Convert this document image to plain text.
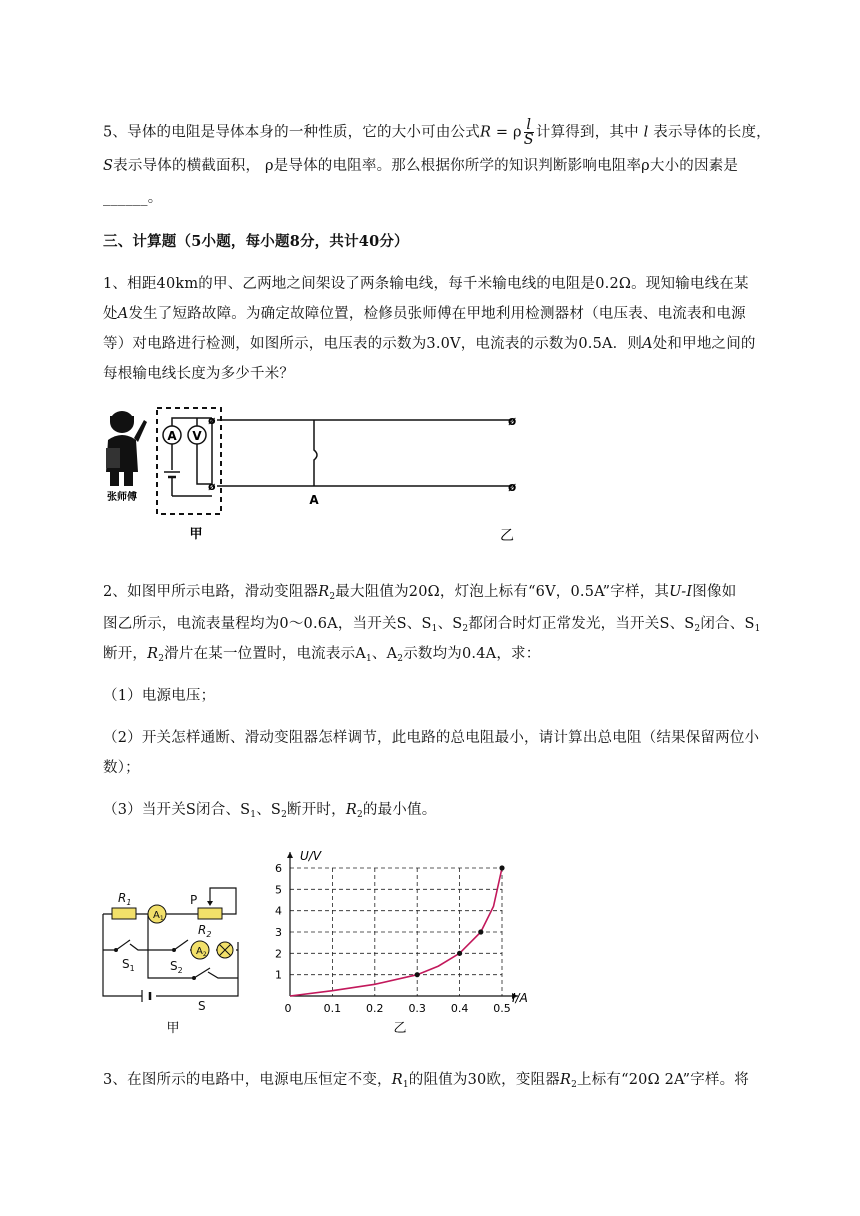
5、导体的电阻是导体本身的一种性质，它的大小可由公式R = ρ $\frac{l}{S}$ 计算得到，其中 l 表示导体的长度，
S表示导体的横截面积， ρ是导体的电阻率。那么根据你所学的知识判断影响电阻率ρ大小的因素是
______。
三、计算题（5小题，每小题8分，共计40分）
1、相距40km的甲、乙两地之间架设了两条输电线，每千米输电线的电阻是0.2Ω。现知输电线在某
处A发生了短路故障。为确定故障位置，检修员张师傅在甲地利用检测器材（电压表、电流表和电源
等）对电路进行检测，如图所示，电压表的示数为3.0V，电流表的示数为0.5A．则A处和甲地之间的
每根输电线长度为多少千米？
张师傅
A V
ø
ø
ø
ø
A
甲	乙
2、如图甲所示电路，滑动变阻器$R_2$最大阻值为20Ω，灯泡上标有“6V，0.5A”字样，其U-I图像如
图乙所示，电流表量程均为0～0.6A，当开关S、$S_1$、$S_2$都闭合时灯正常发光，当开关S、$S_2$闭合、$S_1$
断开，$R_2$滑片在某一位置时，电流表示$A_1$、$A_2$示数均为0.4A，求：
（1）电源电压；
（2）开关怎样通断、滑动变阻器怎样调节，此电路的总电阻最小，请计算出总电阻（结果保留两位小
数）；
（3）当开关S闭合、$S_1$、$S_2$断开时，$R_2$的最小值。
$R_1$	P
$R_2$
$A_1$
$A_2$
$S_1$	$S_2$
S
甲
0	0.1 0.2 0.3 0.4 0.5
1
2
3
4
5
6
U/V
I/A
乙
3、在图所示的电路中，电源电压恒定不变，$R_1$的阻值为30欧，变阻器$R_2$上标有“20Ω 2A”字样。将
